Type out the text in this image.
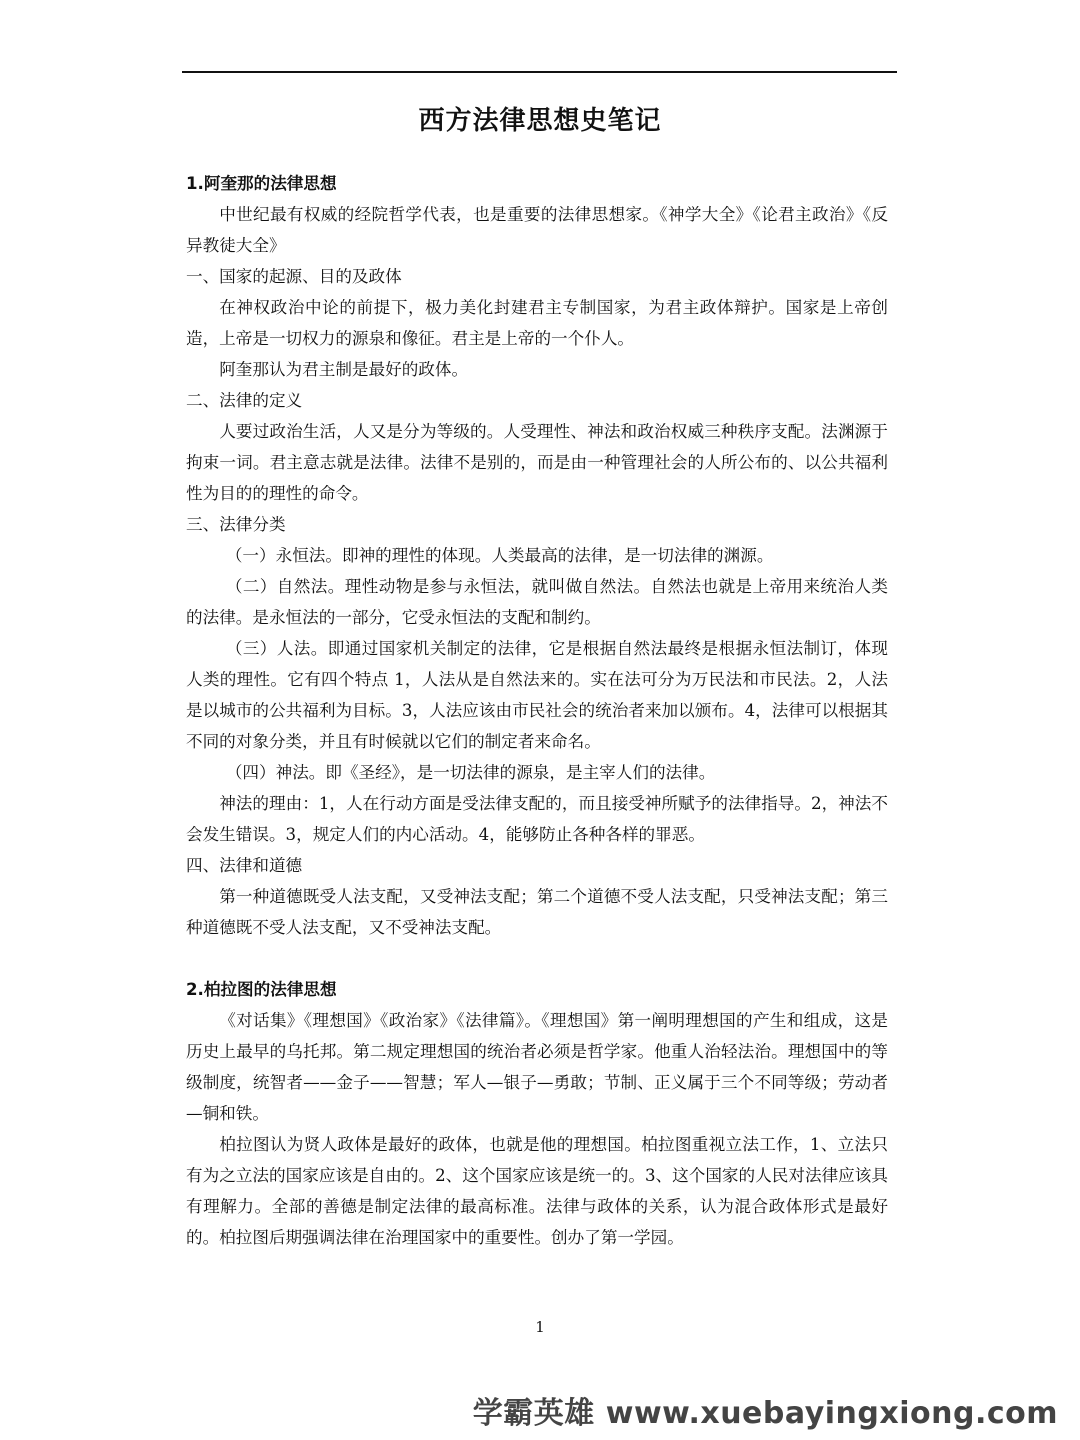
西方法律思想史笔记

1.阿奎那的法律思想

中世纪最有权威的经院哲学代表，也是重要的法律思想家。《神学大全》《论君主政治》《反异教徒大全》

一、国家的起源、目的及政体

在神权政治中论的前提下，极力美化封建君主专制国家，为君主政体辩护。国家是上帝创造，上帝是一切权力的源泉和像征。君主是上帝的一个仆人。

阿奎那认为君主制是最好的政体。

二、法律的定义

人要过政治生活，人又是分为等级的。人受理性、神法和政治权威三种秩序支配。法渊源于拘束一词。君主意志就是法律。法律不是别的，而是由一种管理社会的人所公布的、以公共福利性为目的的理性的命令。

三、法律分类

（一）永恒法。即神的理性的体现。人类最高的法律，是一切法律的渊源。

（二）自然法。理性动物是参与永恒法，就叫做自然法。自然法也就是上帝用来统治人类的法律。是永恒法的一部分，它受永恒法的支配和制约。

（三）人法。即通过国家机关制定的法律，它是根据自然法最终是根据永恒法制订，体现人类的理性。它有四个特点 1，人法从是自然法来的。实在法可分为万民法和市民法。2，人法是以城市的公共福利为目标。3，人法应该由市民社会的统治者来加以颁布。4，法律可以根据其不同的对象分类，并且有时候就以它们的制定者来命名。

（四）神法。即《圣经》，是一切法律的源泉，是主宰人们的法律。

神法的理由：1，人在行动方面是受法律支配的，而且接受神所赋予的法律指导。2，神法不会发生错误。3，规定人们的内心活动。4，能够防止各种各样的罪恶。

四、法律和道德

第一种道德既受人法支配，又受神法支配；第二个道德不受人法支配，只受神法支配；第三种道德既不受人法支配，又不受神法支配。

2.柏拉图的法律思想

《对话集》《理想国》《政治家》《法律篇》。《理想国》第一阐明理想国的产生和组成，这是历史上最早的乌托邦。第二规定理想国的统治者必须是哲学家。他重人治轻法治。理想国中的等级制度，统智者——金子——智慧；军人—银子—勇敢；节制、正义属于三个不同等级；劳动者—铜和铁。

柏拉图认为贤人政体是最好的政体，也就是他的理想国。柏拉图重视立法工作，1、立法只有为之立法的国家应该是自由的。2、这个国家应该是统一的。3、这个国家的人民对法律应该具有理解力。全部的善德是制定法律的最高标准。法律与政体的关系，认为混合政体形式是最好的。柏拉图后期强调法律在治理国家中的重要性。创办了第一学园。

1
学霸英雄 www.xuebayingxiong.com
